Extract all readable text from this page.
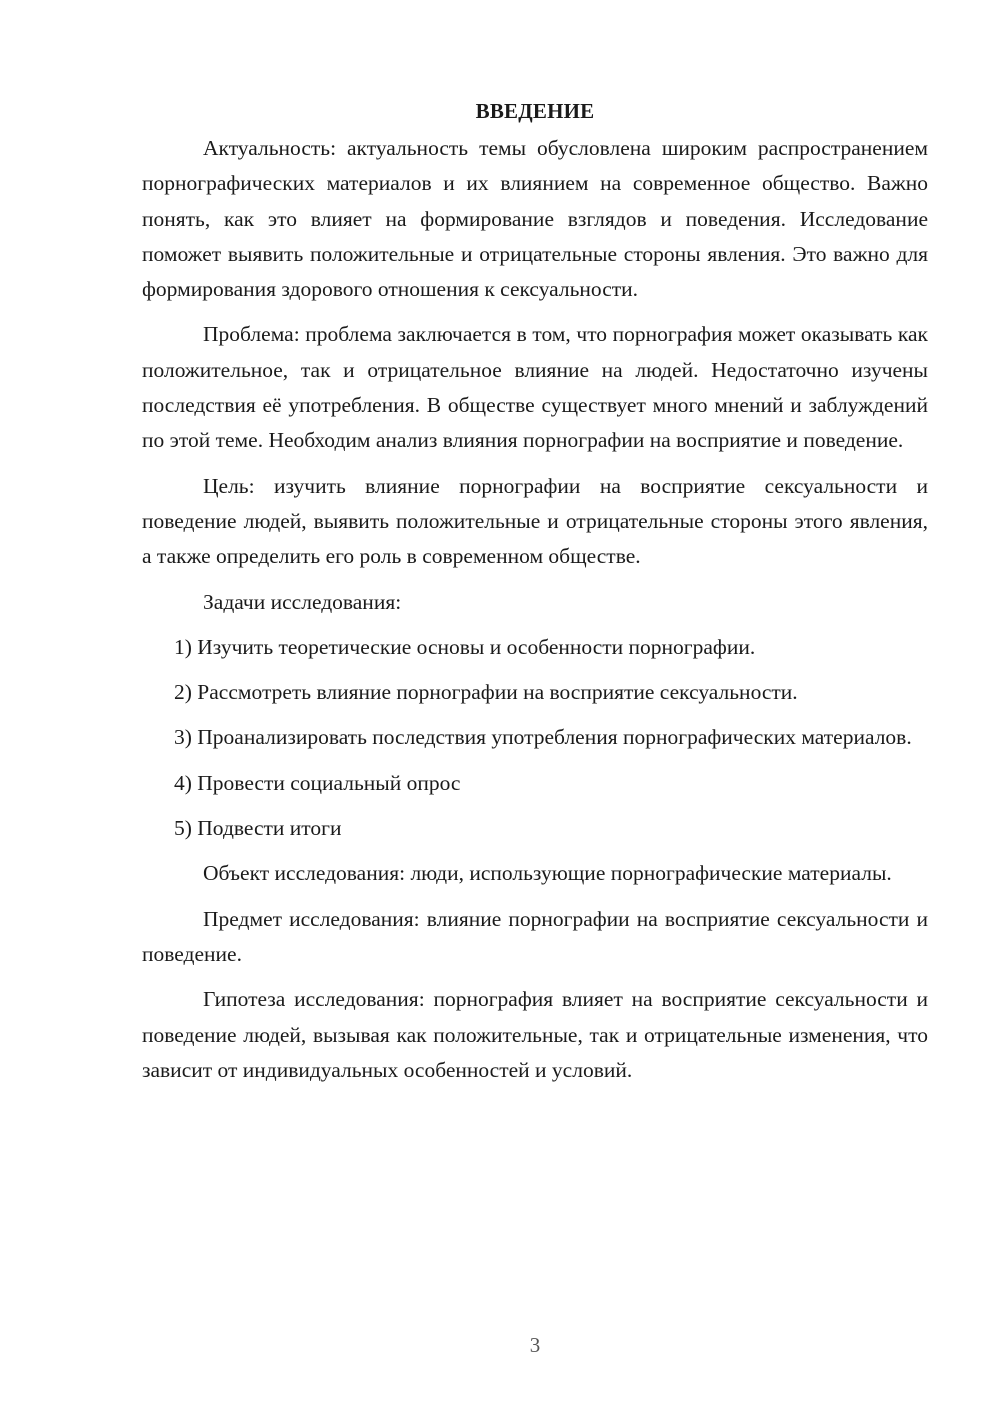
ВВЕДЕНИЕ

Актуальность: актуальность темы обусловлена широким распространением порнографических материалов и их влиянием на современное общество. Важно понять, как это влияет на формирование взглядов и поведения. Исследование поможет выявить положительные и отрицательные стороны явления. Это важно для формирования здорового отношения к сексуальности.

Проблема: проблема заключается в том, что порнография может оказывать как положительное, так и отрицательное влияние на людей. Недостаточно изучены последствия её употребления. В обществе существует много мнений и заблуждений по этой теме. Необходим анализ влияния порнографии на восприятие и поведение.

Цель: изучить влияние порнографии на восприятие сексуальности и поведение людей, выявить положительные и отрицательные стороны этого явления, а также определить его роль в современном обществе.

Задачи исследования:

1) Изучить теоретические основы и особенности порнографии.

2) Рассмотреть влияние порнографии на восприятие сексуальности.

3) Проанализировать последствия употребления порнографических материалов.

4) Провести социальный опрос

5) Подвести итоги

Объект исследования: люди, использующие порнографические материалы.

Предмет исследования: влияние порнографии на восприятие сексуальности и поведение.

Гипотеза исследования: порнография влияет на восприятие сексуальности и поведение людей, вызывая как положительные, так и отрицательные изменения, что зависит от индивидуальных особенностей и условий.

3
